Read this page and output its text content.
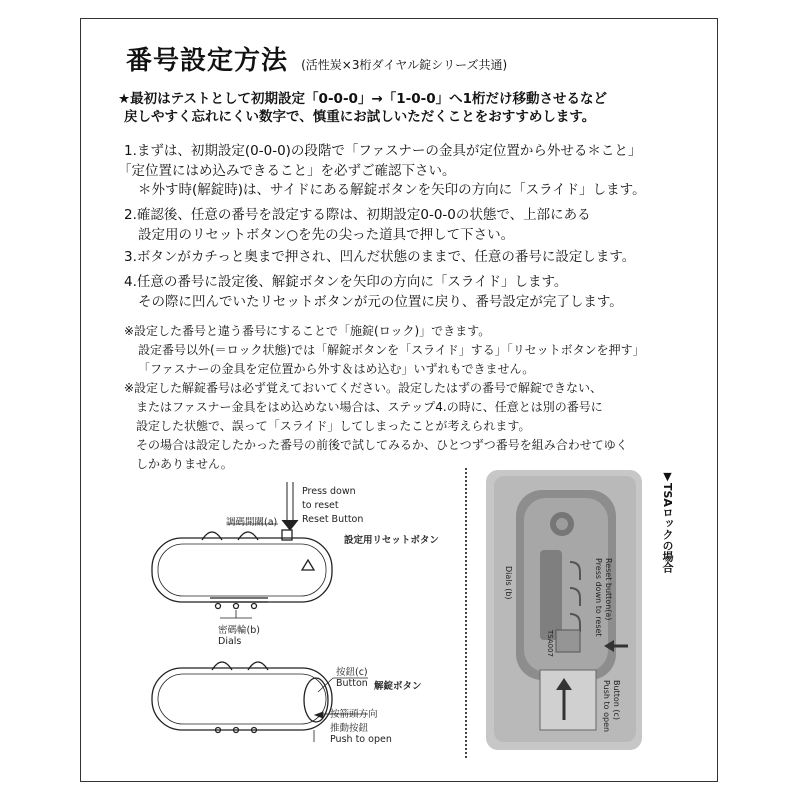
番号設定方法 (活性炭×3桁ダイヤル錠シリーズ共通)
★最初はテストとして初期設定「0-0-0」→「1-0-0」へ1桁だけ移動させるなど
戻しやすく忘れにくい数字で、慎重にお試しいただくことをおすすめします。
1.まずは、初期設定(0-0-0)の段階で「ファスナーの金具が定位置から外せる＊こと」
「定位置にはめ込みできること」を必ずご確認下さい。
＊外す時(解錠時)は、サイドにある解錠ボタンを矢印の方向に「スライド」します。
2.確認後、任意の番号を設定する際は、初期設定0-0-0の状態で、上部にある
設定用のリセットボタン○を先の尖った道具で押して下さい。
3.ボタンがカチっと奥まで押され、凹んだ状態のままで、任意の番号に設定します。
4.任意の番号に設定後、解錠ボタンを矢印の方向に「スライド」します。
その際に凹んでいたリセットボタンが元の位置に戻り、番号設定が完了します。
※設定した番号と違う番号にすることで「施錠(ロック)」できます。
設定番号以外(＝ロック状態)では「解錠ボタンを「スライド」する」「リセットボタンを押す」
「ファスナーの金具を定位置から外す＆はめ込む」いずれもできません。
※設定した解錠番号は必ず覚えておいてください。設定したはずの番号で解錠できない、
またはファスナー金具をはめ込めない場合は、ステップ4.の時に、任意とは別の番号に
設定した状態で、誤って「スライド」してしまったことが考えられます。
その場合は設定したかった番号の前後で試してみるか、ひとつずつ番号を組み合わせてゆく
しかありません。
Press down
to reset
Reset Button
調碼開關(a)
設定用リセットボタン
密碼輪(b)
Dials
按鈕(c)
Button 解錠ボタン
按箭頭方向
推動按鈕
Push to open
Reset button(a)
Press down to reset
Dials (b)
TSA007
Button (c)
Push to open
▼TSAロックの場合
